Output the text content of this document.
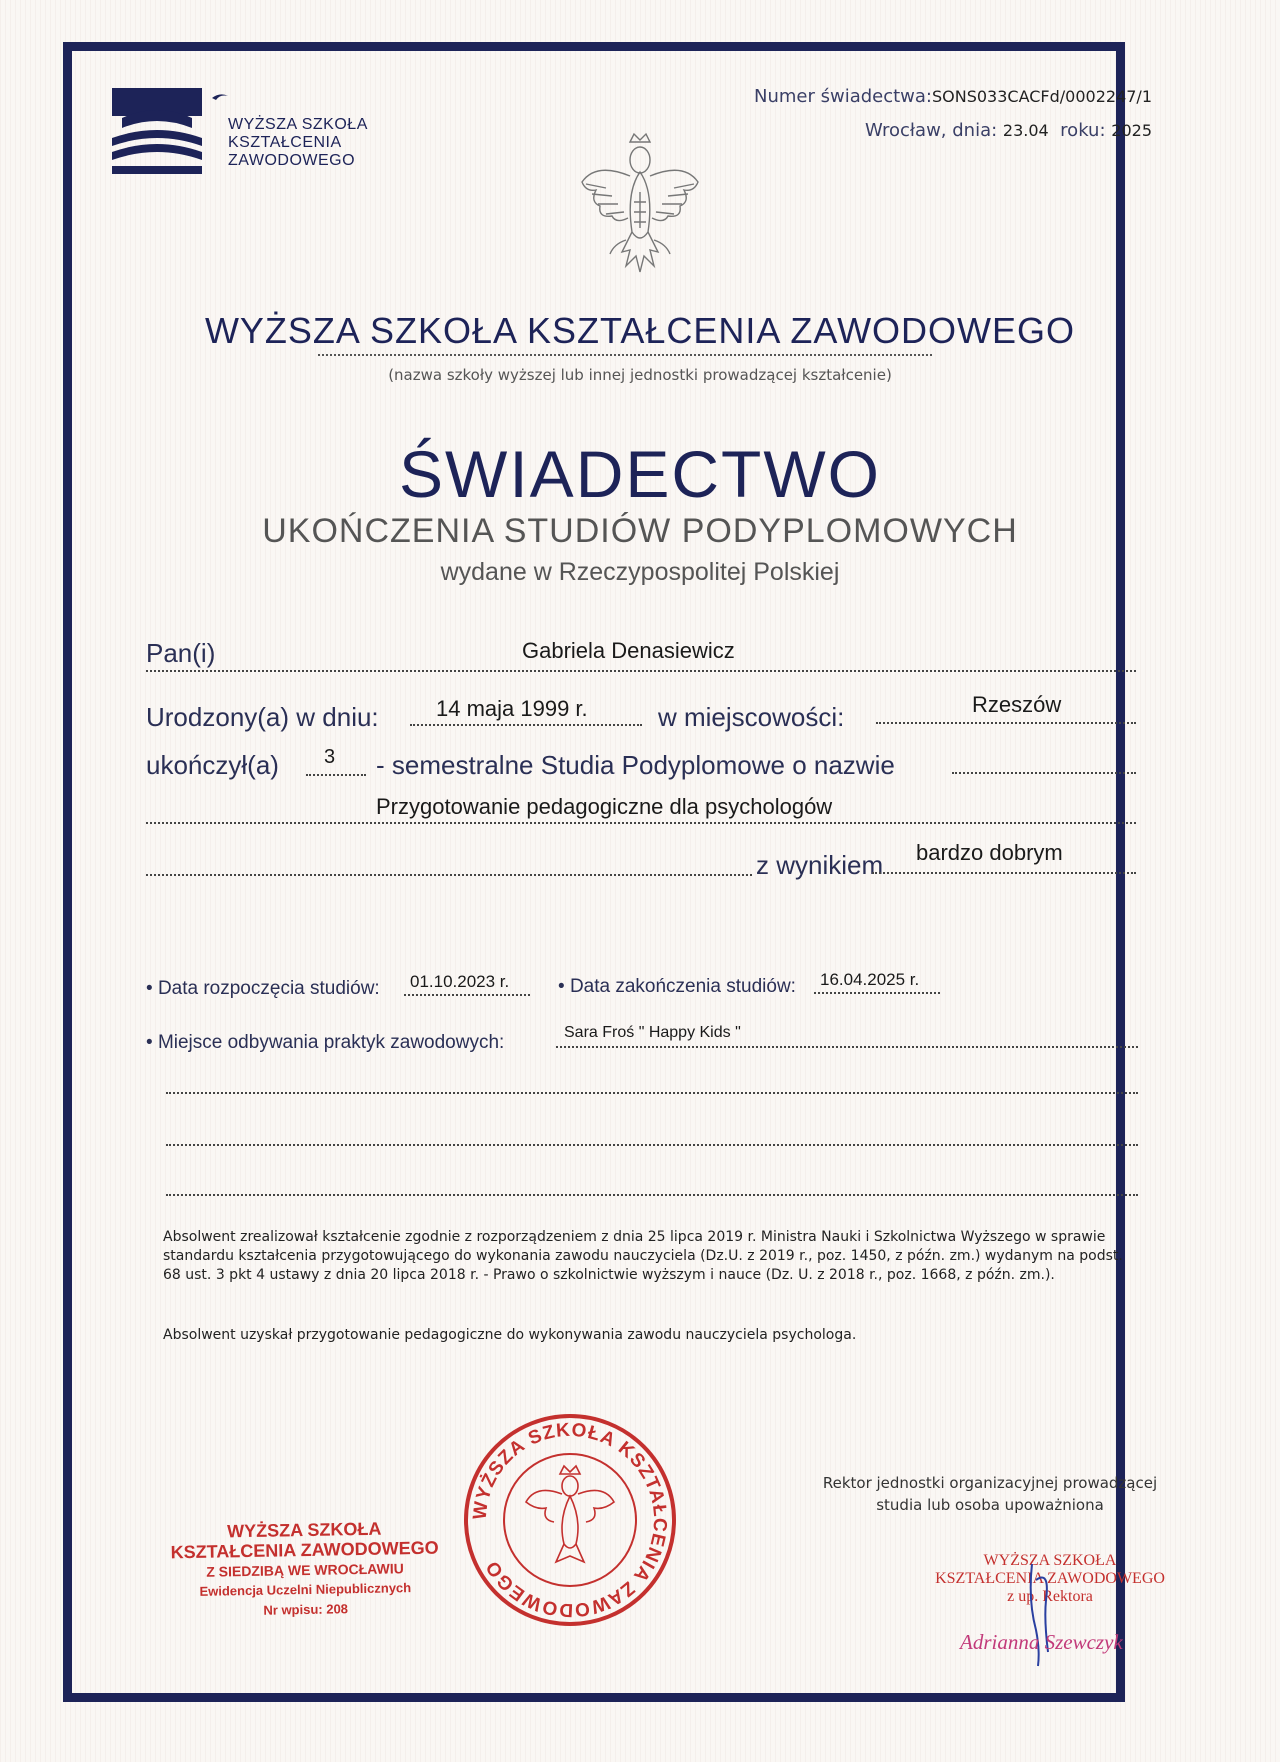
WYŻSZA SZKOŁA
KSZTAŁCENIA
ZAWODOWEGO
Numer świadectwa:SONS033CACFd/0002247/1
Wrocław, dnia: 23.04 roku: 2025
WYŻSZA SZKOŁA KSZTAŁCENIA ZAWODOWEGO
(nazwa szkoły wyższej lub innej jednostki prowadzącej kształcenie)
ŚWIADECTWO
UKOŃCZENIA STUDIÓW PODYPLOMOWYCH
wydane w Rzeczypospolitej Polskiej
Pan(i)	Gabriela Denasiewicz
Urodzony(a) w dniu:	14 maja 1999 r.	w miejscowości:	Rzeszów
ukończył(a) 3 - semestralne Studia Podyplomowe o nazwie
Przygotowanie pedagogiczne dla psychologów
z wynikiem bardzo dobrym
• Data rozpoczęcia studiów: 01.10.2023 r.	• Data zakończenia studiów: 16.04.2025 r.
• Miejsce odbywania praktyk zawodowych:	Sara Froś " Happy Kids "
Absolwent zrealizował kształcenie zgodnie z rozporządzeniem z dnia 25 lipca 2019 r. Ministra Nauki i Szkolnictwa Wyższego w sprawie standardu kształcenia przygotowującego do wykonania zawodu nauczyciela (Dz.U. z 2019 r., poz. 1450, z późn. zm.) wydanym na podst. 68 ust. 3 pkt 4 ustawy z dnia 20 lipca 2018 r. - Prawo o szkolnictwie wyższym i nauce (Dz. U. z 2018 r., poz. 1668, z późn. zm.).
Absolwent uzyskał przygotowanie pedagogiczne do wykonywania zawodu nauczyciela psychologa.
WYŻSZA SZKOŁA KSZTAŁCENIA ZAWODOWEGO
WYŻSZA SZKOŁA
KSZTAŁCENIA ZAWODOWEGO
Z SIEDZIBĄ WE WROCŁAWIU
Ewidencja Uczelni Niepublicznych
Nr wpisu: 208
Rektor jednostki organizacyjnej prowadzącej
studia lub osoba upoważniona
WYŻSZA SZKOŁA
KSZTAŁCENIA ZAWODOWEGO
z up. Rektora
Adrianna Szewczyk
